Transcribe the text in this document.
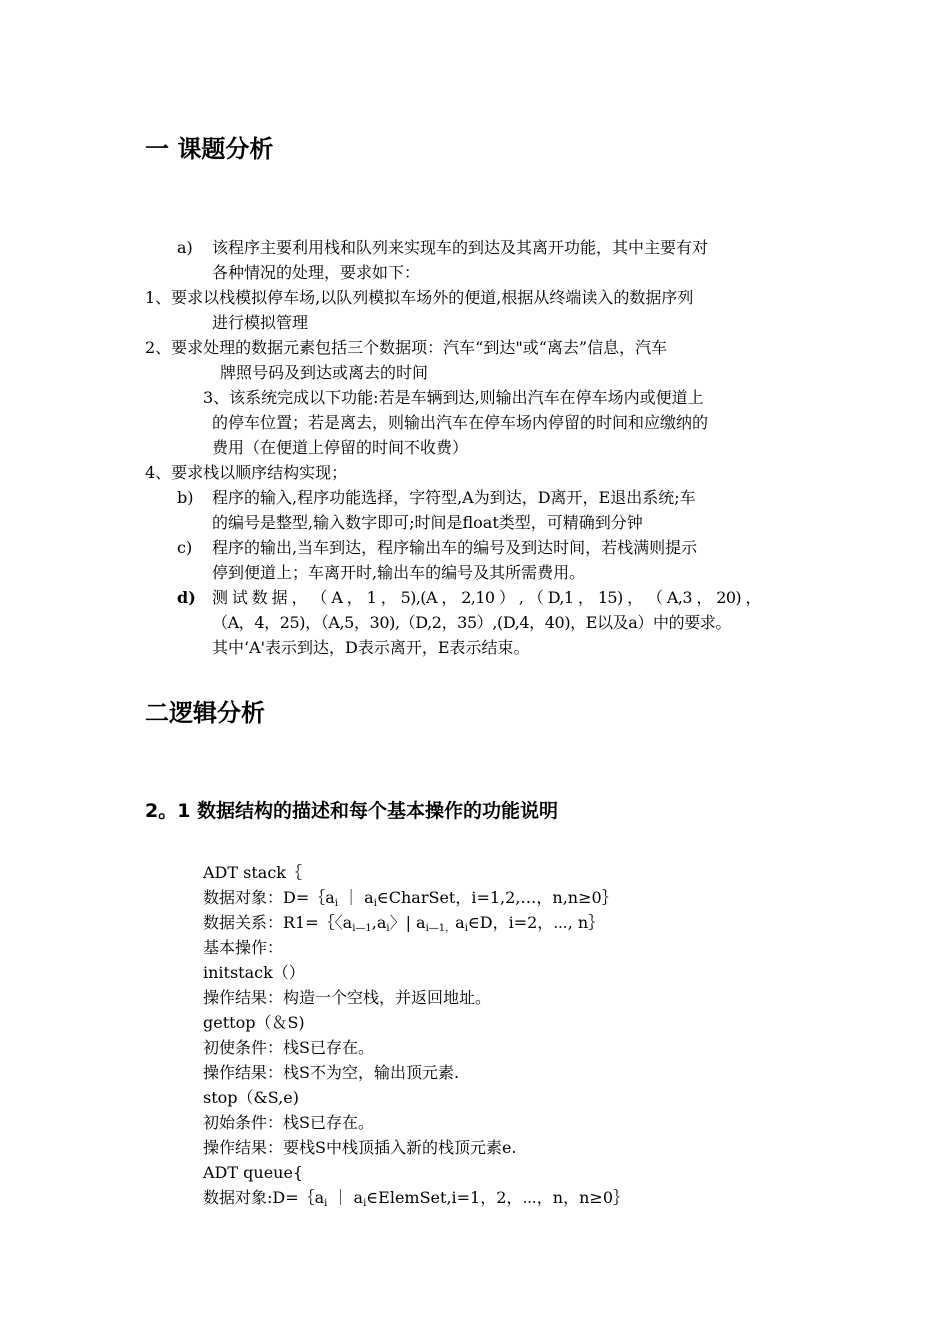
一 课题分析
a) 该程序主要利用栈和队列来实现车的到达及其离开功能，其中主要有对
各种情况的处理，要求如下：
1、要求以栈模拟停车场,以队列模拟车场外的便道,根据从终端读入的数据序列
进行模拟管理
2、要求处理的数据元素包括三个数据项：汽车“到达"或“离去”信息，汽车
牌照号码及到达或离去的时间
3、该系统完成以下功能:若是车辆到达,则输出汽车在停车场内或便道上
的停车位置；若是离去，则输出汽车在停车场内停留的时间和应缴纳的
费用（在便道上停留的时间不收费）
4、要求栈以顺序结构实现；
b) 程序的输入,程序功能选择，字符型,A为到达，D离开，E退出系统;车
的编号是整型,输入数字即可;时间是float类型，可精确到分钟
c) 程序的输出,当车到达，程序输出车的编号及到达时间，若栈满则提示
停到便道上；车离开时,输出车的编号及其所需费用。
d) 测 试 数 据 ， （ A ， 1 ， 5),(A ， 2,10 ） , （ D,1 ， 15) ， （ A,3 ， 20) ，
（A，4，25)，（A,5，30),（D,2，35）,(D,4，40)，E以及a）中的要求。
其中‘A'表示到达，D表示离开，E表示结束。
二逻辑分析
2。1 数据结构的描述和每个基本操作的功能说明
ADT stack｛
数据对象：$D=\{a_i$ ｜ $a_i\in CharSet$，i=1,2,…，n,n≥0｝
数据关系：R1=｛〈$a_{i—1},a_i$〉| $a_{i—1,}a_i\in D$，i=2，⋯, n｝
基本操作：
initstack（）
操作结果：构造一个空栈，并返回地址。
gettop（＆S)
初使条件：栈S已存在。
操作结果：栈S不为空，输出顶元素.
stop（&S,e)
初始条件：栈S已存在。
操作结果：要栈S中栈顶插入新的栈顶元素e.
ADT queue{
数据对象$:D=\{a_i$ ｜ $a_i\in ElemSet,i=1$，2，⋯，n，n≥0｝
